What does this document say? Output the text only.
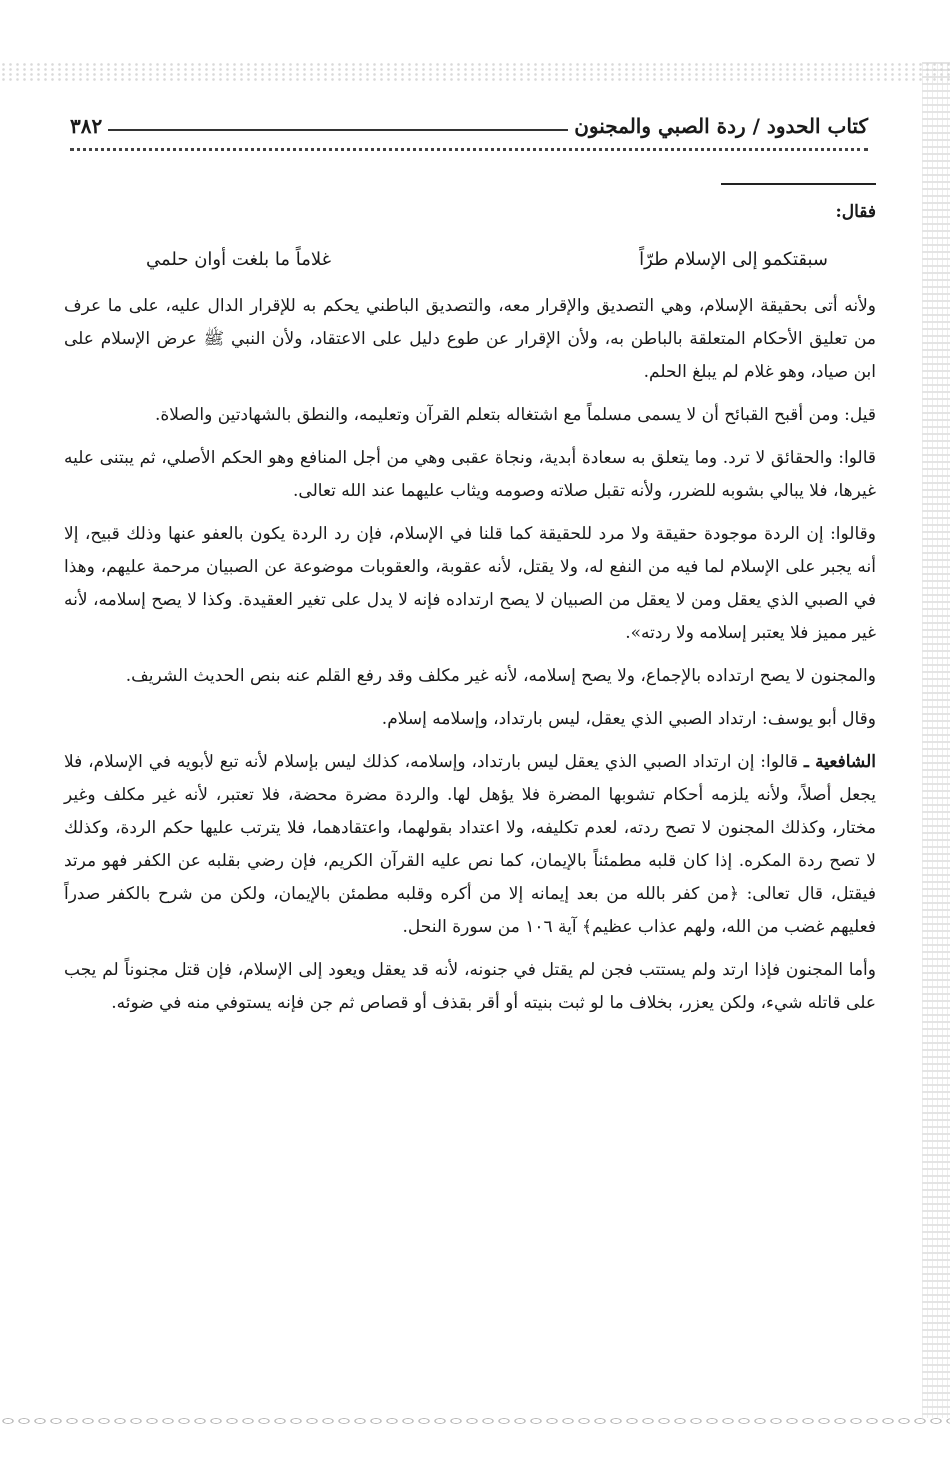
كتاب الحدود / ردة الصبي والمجنون
٣٨٢

فقال:

سبقتكمو إلى الإسلام طرّاً
غلاماً ما بلغت أوان حلمي

ولأنه أتى بحقيقة الإسلام، وهي التصديق والإقرار معه، والتصديق الباطني يحكم به للإقرار الدال عليه، على ما عرف من تعليق الأحكام المتعلقة بالباطن به، ولأن الإقرار عن طوع دليل على الاعتقاد، ولأن النبي ﷺ عرض الإسلام على ابن صياد، وهو غلام لم يبلغ الحلم.

قيل: ومن أقبح القبائح أن لا يسمى مسلماً مع اشتغاله بتعلم القرآن وتعليمه، والنطق بالشهادتين والصلاة.

قالوا: والحقائق لا ترد. وما يتعلق به سعادة أبدية، ونجاة عقبى وهي من أجل المنافع وهو الحكم الأصلي، ثم يبتنى عليه غيرها، فلا يبالي بشوبه للضرر، ولأنه تقبل صلاته وصومه ويثاب عليهما عند الله تعالى.

وقالوا: إن الردة موجودة حقيقة ولا مرد للحقيقة كما قلنا في الإسلام، فإن رد الردة يكون بالعفو عنها وذلك قبيح، إلا أنه يجبر على الإسلام لما فيه من النفع له، ولا يقتل، لأنه عقوبة، والعقوبات موضوعة عن الصبيان مرحمة عليهم، وهذا في الصبي الذي يعقل ومن لا يعقل من الصبيان لا يصح ارتداده فإنه لا يدل على تغير العقيدة. وكذا لا يصح إسلامه، لأنه غير مميز فلا يعتبر إسلامه ولا ردته».

والمجنون لا يصح ارتداده بالإجماع، ولا يصح إسلامه، لأنه غير مكلف وقد رفع القلم عنه بنص الحديث الشريف.

وقال أبو يوسف: ارتداد الصبي الذي يعقل، ليس بارتداد، وإسلامه إسلام.

الشافعية ـ قالوا: إن ارتداد الصبي الذي يعقل ليس بارتداد، وإسلامه، كذلك ليس بإسلام لأنه تبع لأبويه في الإسلام، فلا يجعل أصلاً، ولأنه يلزمه أحكام تشوبها المضرة فلا يؤهل لها. والردة مضرة محضة، فلا تعتبر، لأنه غير مكلف وغير مختار، وكذلك المجنون لا تصح ردته، لعدم تكليفه، ولا اعتداد بقولهما، واعتقادهما، فلا يترتب عليها حكم الردة، وكذلك لا تصح ردة المكره. إذا كان قلبه مطمئناً بالإيمان، كما نص عليه القرآن الكريم، فإن رضي بقلبه عن الكفر فهو مرتد فيقتل، قال تعالى: ﴿من كفر بالله من بعد إيمانه إلا من أكره وقلبه مطمئن بالإيمان، ولكن من شرح بالكفر صدراً فعليهم غضب من الله، ولهم عذاب عظيم﴾ آية ١٠٦ من سورة النحل.

وأما المجنون فإذا ارتد ولم يستتب فجن لم يقتل في جنونه، لأنه قد يعقل ويعود إلى الإسلام، فإن قتل مجنوناً لم يجب على قاتله شيء، ولكن يعزر، بخلاف ما لو ثبت بنيته أو أقر بقذف أو قصاص ثم جن فإنه يستوفي منه في ضوئه.
